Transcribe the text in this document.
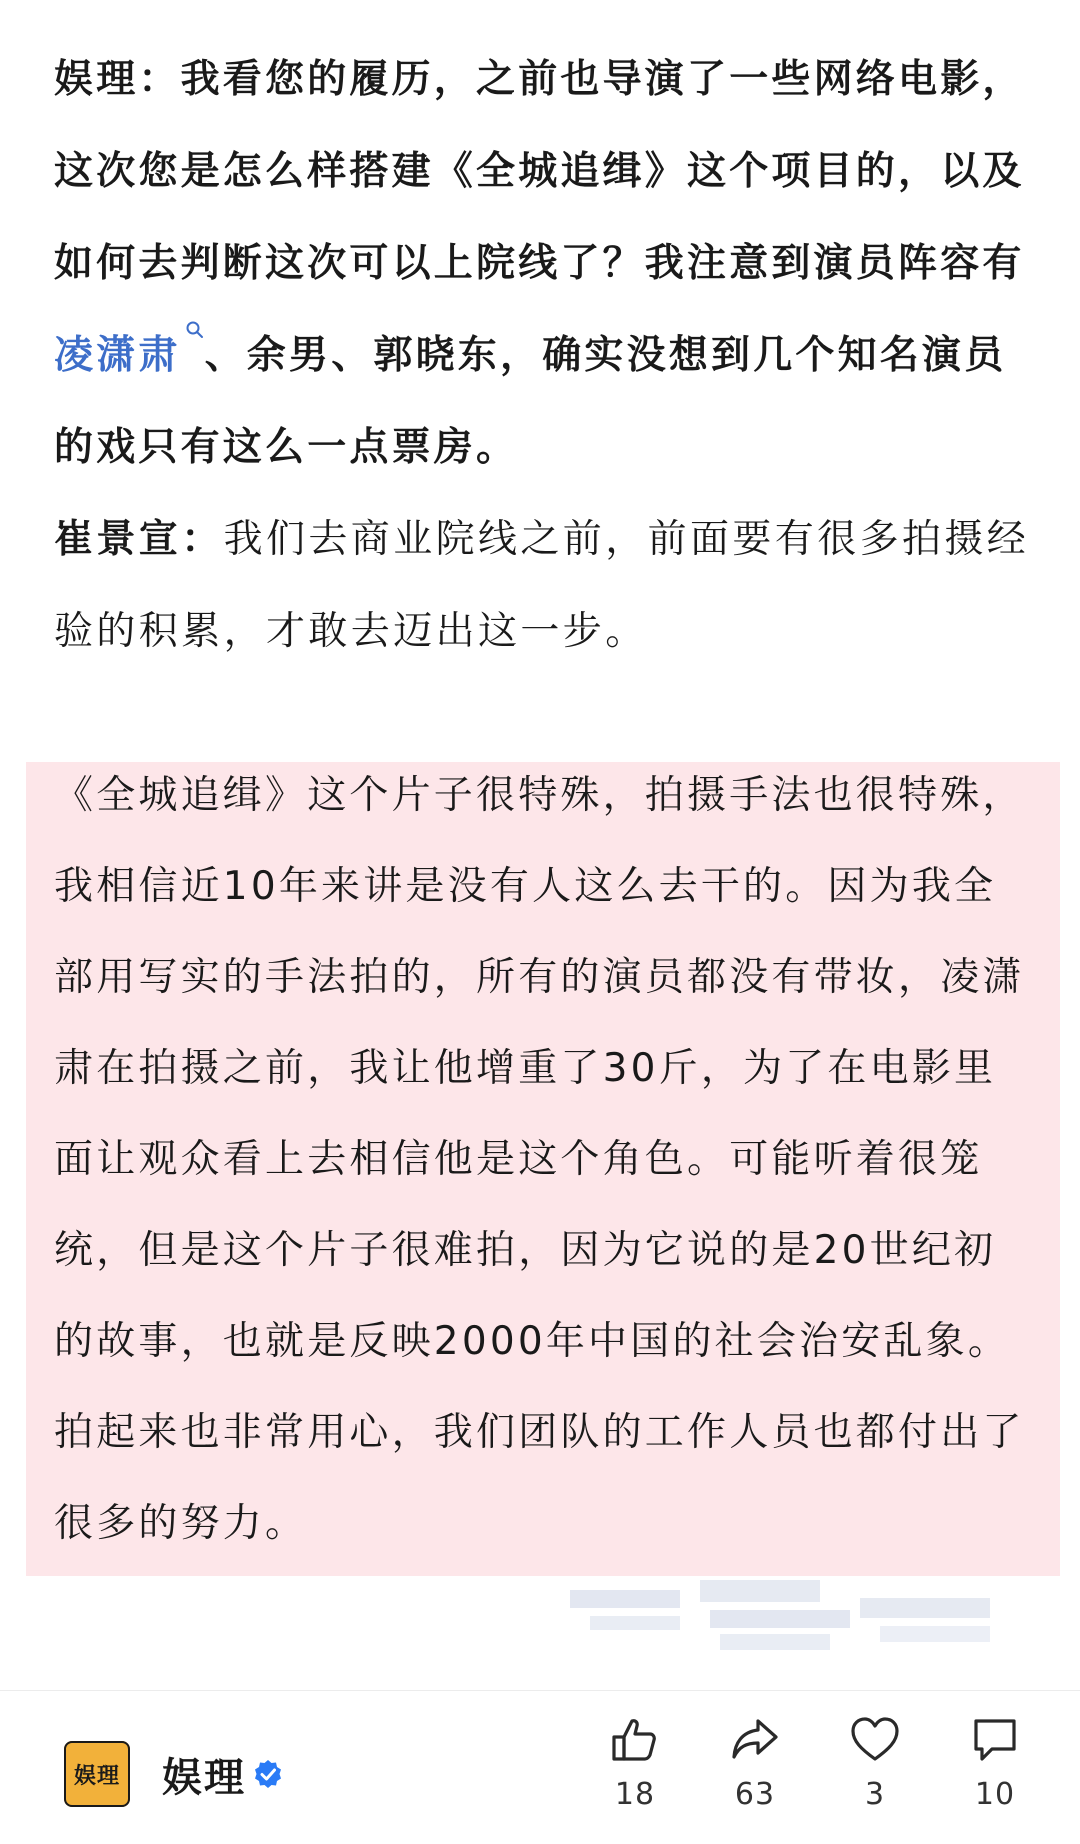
娱理：我看您的履历，之前也导演了一些网络电影，这次您是怎么样搭建《全城追缉》这个项目的，以及如何去判断这次可以上院线了？我注意到演员阵容有凌潇肃 、余男、郭晓东，确实没想到几个知名演员的戏只有这么一点票房。

崔景宣：我们去商业院线之前，前面要有很多拍摄经验的积累，才敢去迈出这一步。

《全城追缉》这个片子很特殊，拍摄手法也很特殊，我相信近10年来讲是没有人这么去干的。因为我全部用写实的手法拍的，所有的演员都没有带妆，凌潇肃在拍摄之前，我让他增重了30斤，为了在电影里面让观众看上去相信他是这个角色。可能听着很笼统，但是这个片子很难拍，因为它说的是20世纪初的故事，也就是反映2000年中国的社会治安乱象。拍起来也非常用心，我们团队的工作人员也都付出了很多的努力。

娱理 娱理	18	63	3	10
